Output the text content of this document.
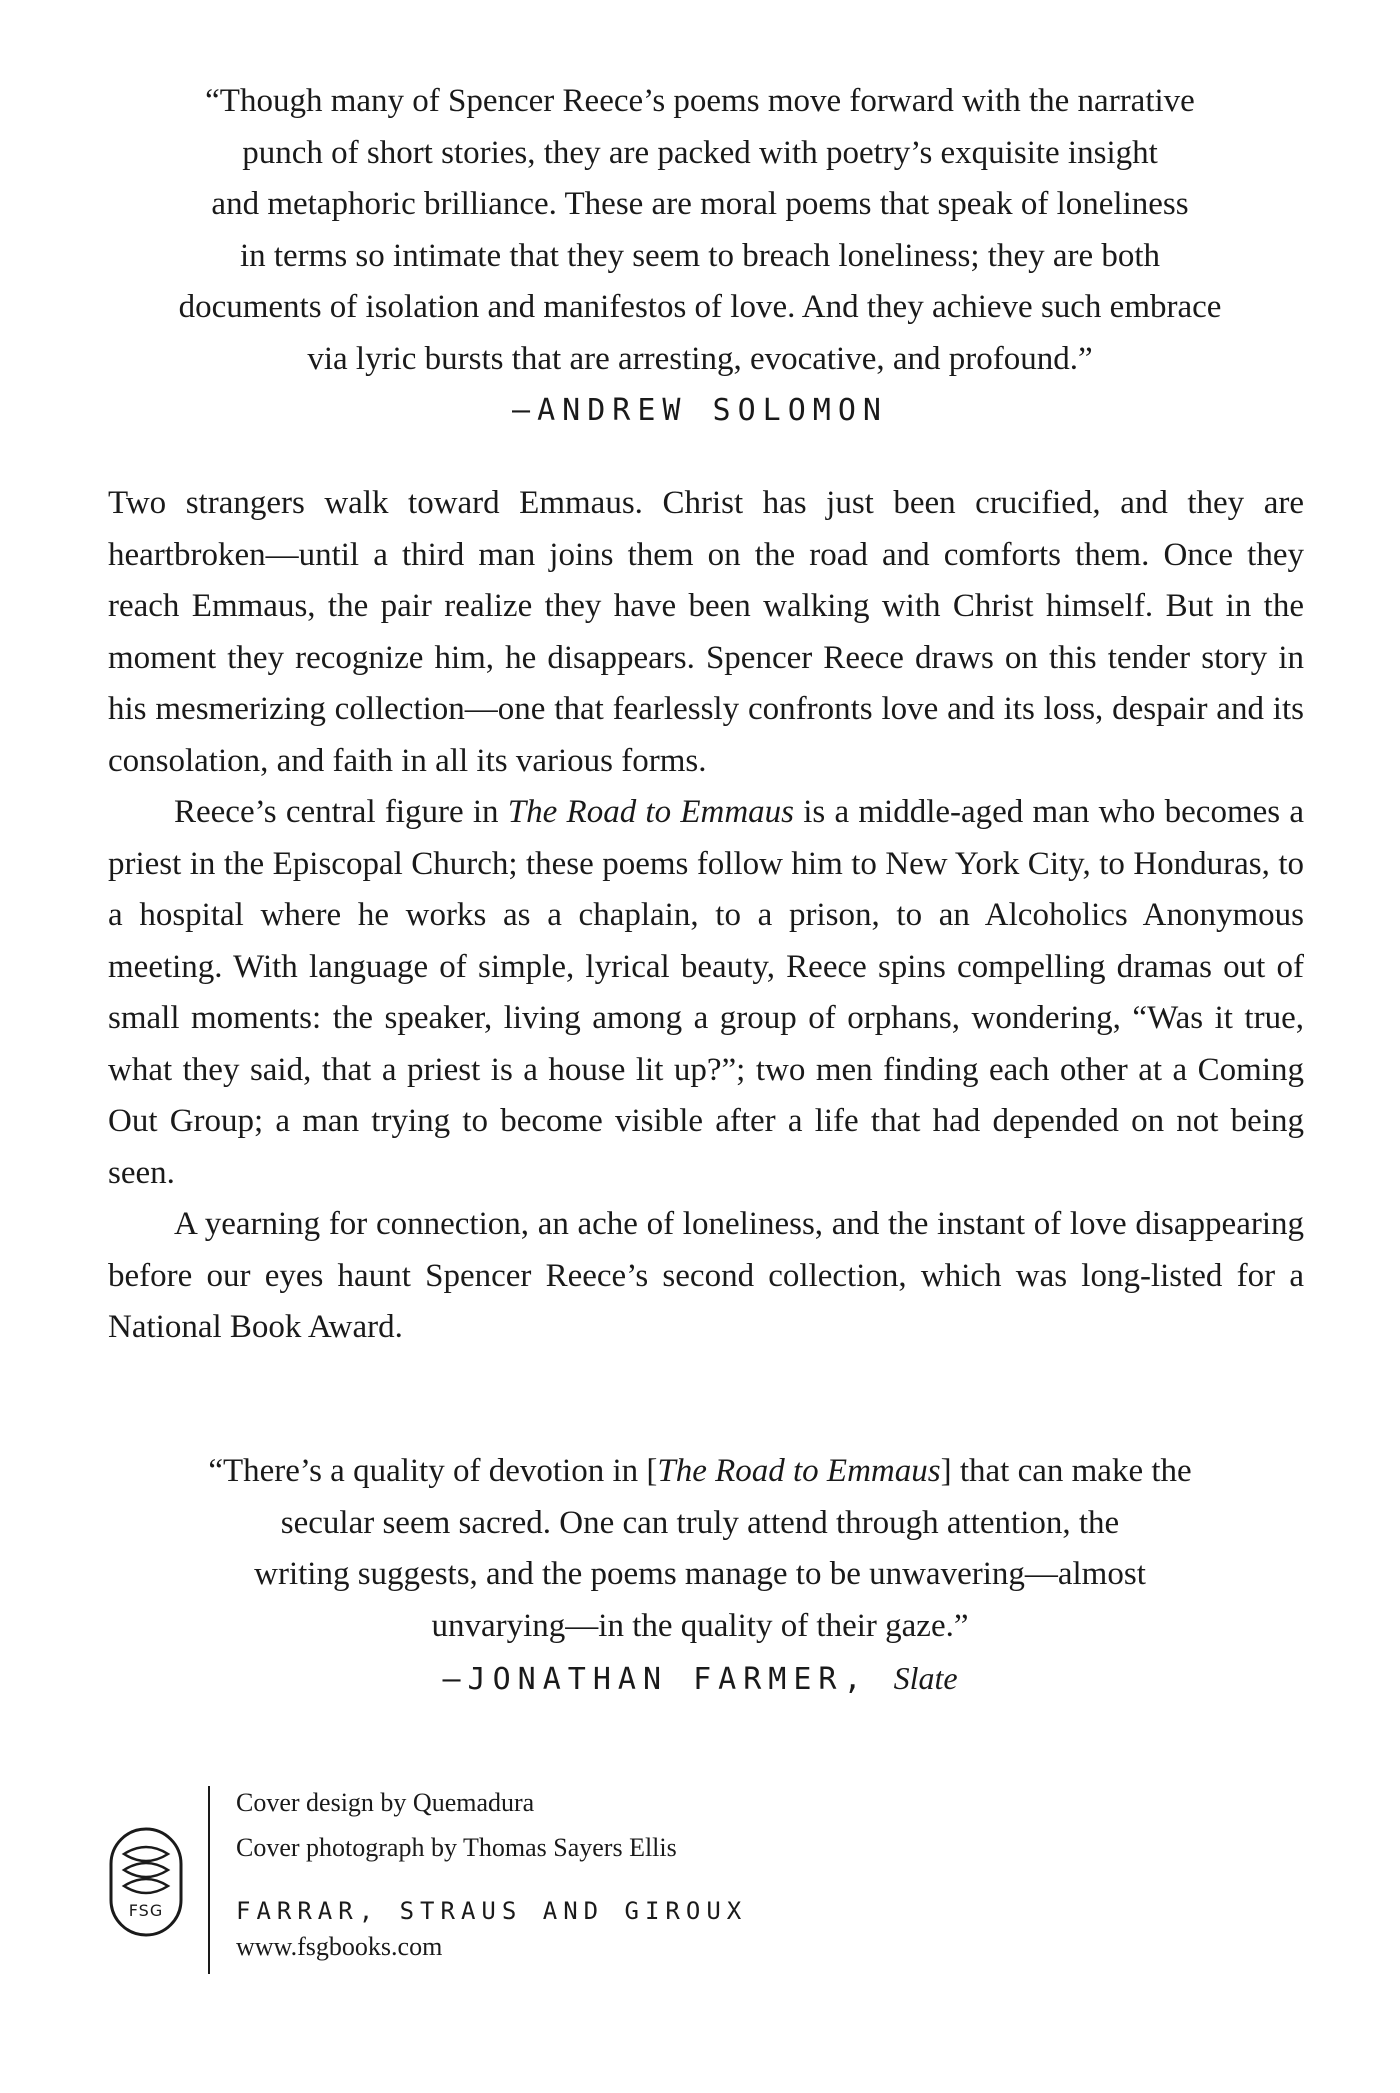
“Though many of Spencer Reece’s poems move forward with the narrative
punch of short stories, they are packed with poetry’s exquisite insight
and metaphoric brilliance. These are moral poems that speak of loneliness
in terms so intimate that they seem to breach loneliness; they are both
documents of isolation and manifestos of love. And they achieve such embrace
via lyric bursts that are arresting, evocative, and profound.”
—ANDREW SOLOMON

Two strangers walk toward Emmaus. Christ has just been crucified, and they are heartbroken—until a third man joins them on the road and comforts them. Once they reach Emmaus, the pair realize they have been walking with Christ himself. But in the moment they recognize him, he disappears. Spencer Reece draws on this tender story in his mesmerizing collection—one that fearlessly confronts love and its loss, despair and its consolation, and faith in all its various forms.

Reece’s central figure in The Road to Emmaus is a middle-aged man who becomes a priest in the Episcopal Church; these poems follow him to New York City, to Honduras, to a hospital where he works as a chaplain, to a prison, to an Alcoholics Anonymous meeting. With language of simple, lyrical beauty, Reece spins compelling dramas out of small moments: the speaker, living among a group of orphans, wondering, “Was it true, what they said, that a priest is a house lit up?”; two men finding each other at a Coming Out Group; a man trying to become visible after a life that had depended on not being seen.

A yearning for connection, an ache of loneliness, and the instant of love disappearing before our eyes haunt Spencer Reece’s second collection, which was long-listed for a National Book Award.

“There’s a quality of devotion in [The Road to Emmaus] that can make the
secular seem sacred. One can truly attend through attention, the
writing suggests, and the poems manage to be unwavering—almost
unvarying—in the quality of their gaze.”
—JONATHAN FARMER, Slate
FSG
Cover design by Quemadura
Cover photograph by Thomas Sayers Ellis
FARRAR, STRAUS AND GIROUX
www.fsgbooks.com
